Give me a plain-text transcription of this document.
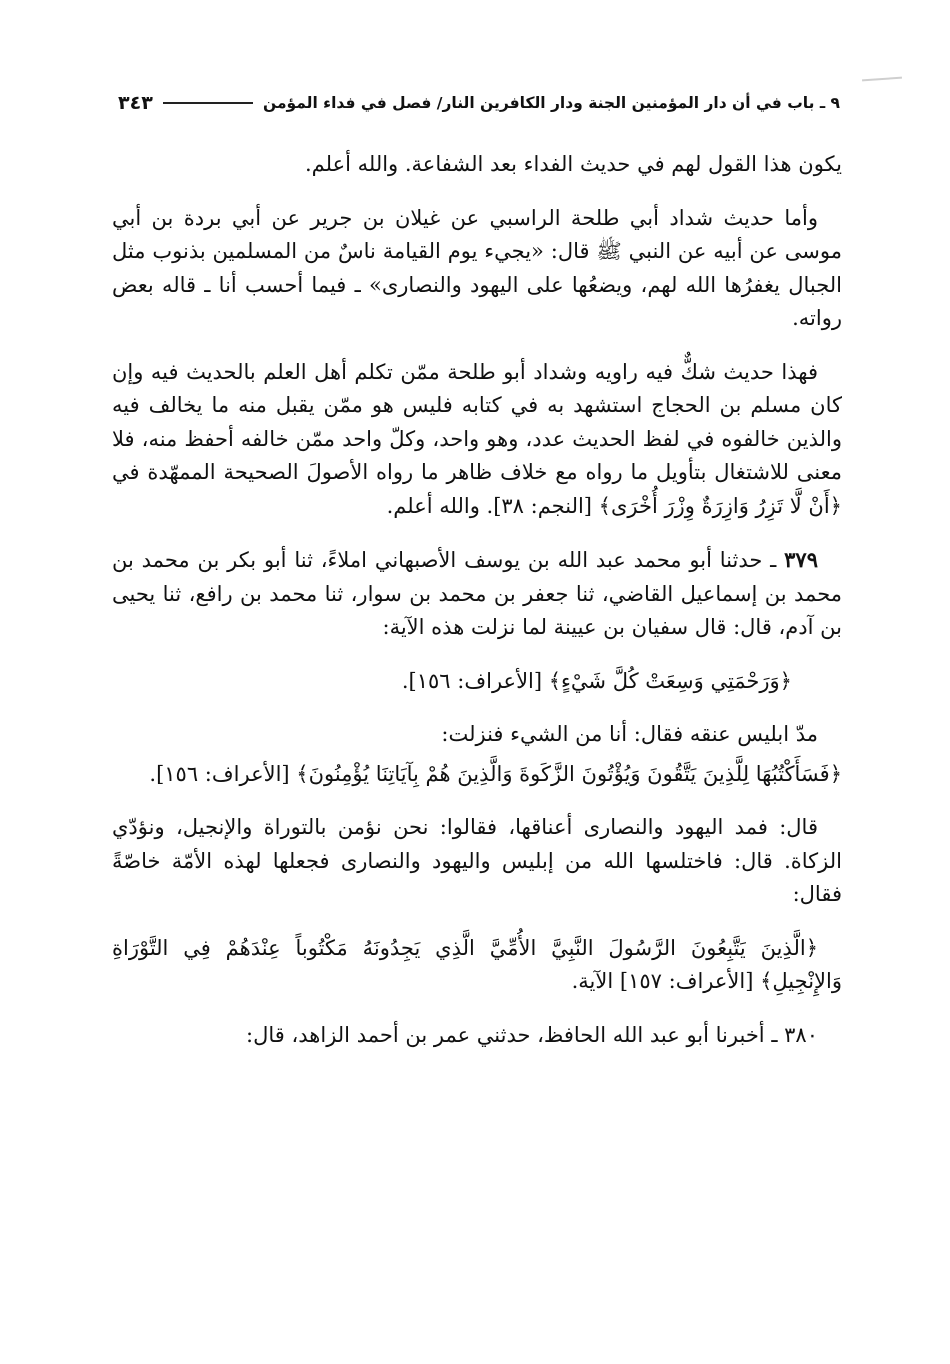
٩ ـ باب في أن دار المؤمنين الجنة ودار الكافرين النار/ فصل في فداء المؤمن
٣٤٣

يكون هذا القول لهم في حديث الفداء بعد الشفاعة. والله أعلم.

وأما حديث شداد أبي طلحة الراسبي عن غيلان بن جرير عن أبي بردة بن أبي موسى عن أبيه عن النبي ﷺ قال: «يجيء يوم القيامة ناسٌ من المسلمين بذنوب مثل الجبال يغفرُها الله لهم، ويضعُها على اليهود والنصارى» ـ فيما أحسب أنا ـ قاله بعض رواته.

فهذا حديث شكٌّ فيه راويه وشداد أبو طلحة ممّن تكلم أهل العلم بالحديث فيه وإن كان مسلم بن الحجاج استشهد به في كتابه فليس هو ممّن يقبل منه ما يخالف فيه والذين خالفوه في لفظ الحديث عدد، وهو واحد، وكلّ واحد ممّن خالفه أحفظ منه، فلا معنى للاشتغال بتأويل ما رواه مع خلاف ظاهر ما رواه الأصولَ الصحيحة الممهّدة في ﴿أَنْ لَّا تَزِرُ وَازِرَةٌ وِزْرَ أُخْرَى﴾ [النجم: ٣٨]. والله أعلم.

٣٧٩ ـ حدثنا أبو محمد عبد الله بن يوسف الأصبهاني املاءً، ثنا أبو بكر بن محمد بن محمد بن إسماعيل القاضي، ثنا جعفر بن محمد بن سوار، ثنا محمد بن رافع، ثنا يحيى بن آدم، قال: قال سفيان بن عيينة لما نزلت هذه الآية:

﴿وَرَحْمَتِي وَسِعَتْ كُلَّ شَيْءٍ﴾ [الأعراف: ١٥٦].

مدّ ابليس عنقه فقال: أنا من الشيء فنزلت:

﴿فَسَأَكْتُبُهَا لِلَّذِينَ يَتَّقُونَ وَيُؤْتُونَ الزَّكَوةَ وَالَّذِينَ هُمْ بِآيَاتِنَا يُؤْمِنُونَ﴾ [الأعراف: ١٥٦].

قال: فمد اليهود والنصارى أعناقها، فقالوا: نحن نؤمن بالتوراة والإنجيل، ونؤدّي الزكاة. قال: فاختلسها الله من إبليس واليهود والنصارى فجعلها لهذه الأمّة خاصّةً فقال:

﴿الَّذِينَ يَتَّبِعُونَ الرَّسُولَ النَّبِيَّ الأُمِّيَّ الَّذِي يَجِدُونَهُ مَكْتُوباً عِنْدَهُمْ فِي التَّوْرَاةِ وَالإِنْجِيلِ﴾ [الأعراف: ١٥٧] الآية.

٣٨٠ ـ أخبرنا أبو عبد الله الحافظ، حدثني عمر بن أحمد الزاهد، قال:
